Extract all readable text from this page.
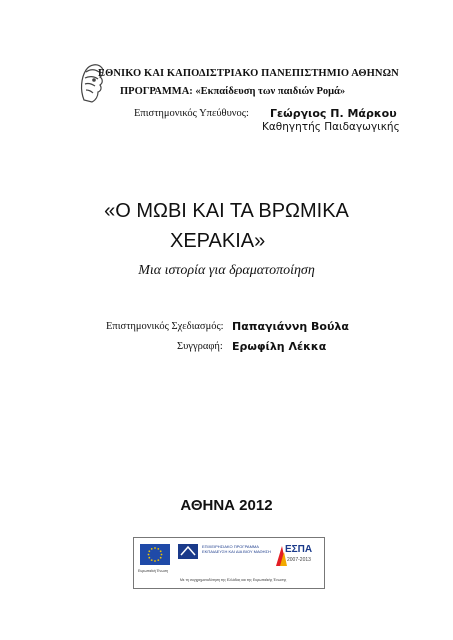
ΕΘΝΙΚΟ ΚΑΙ ΚΑΠΟΔΙΣΤΡΙΑΚΟ ΠΑΝΕΠΙΣΤΗΜΙΟ ΑΘΗΝΩΝ
ΠΡΟΓΡΑΜΜΑ: «Εκπαίδευση των παιδιών Ρομά»
Επιστημονικός Υπεύθυνος: Γεώργιος Π. Μάρκου
Καθηγητής Παιδαγωγικής
«Ο ΜΩΒΙ ΚΑΙ ΤΑ ΒΡΩΜΙΚΑ
ΧΕΡΑΚΙΑ»
Μια ιστορία για δραματοποίηση
Επιστημονικός Σχεδιασμός: Παπαγιάννη Βούλα
Συγγραφή: Ερωφίλη Λέκκα
ΑΘΗΝΑ 2012
Ευρωπαϊκή Ένωση
ΕΠΙΧΕΙΡΗΣΙΑΚΟ ΠΡΟΓΡΑΜΜΑ
ΕΚΠΑΙΔΕΥΣΗ ΚΑΙ ΔΙΑ ΒΙΟΥ ΜΑΘΗΣΗ ΕΣΠΑ
2007-2013
Με τη συγχρηματοδότηση της Ελλάδας και της Ευρωπαϊκής Ένωσης
